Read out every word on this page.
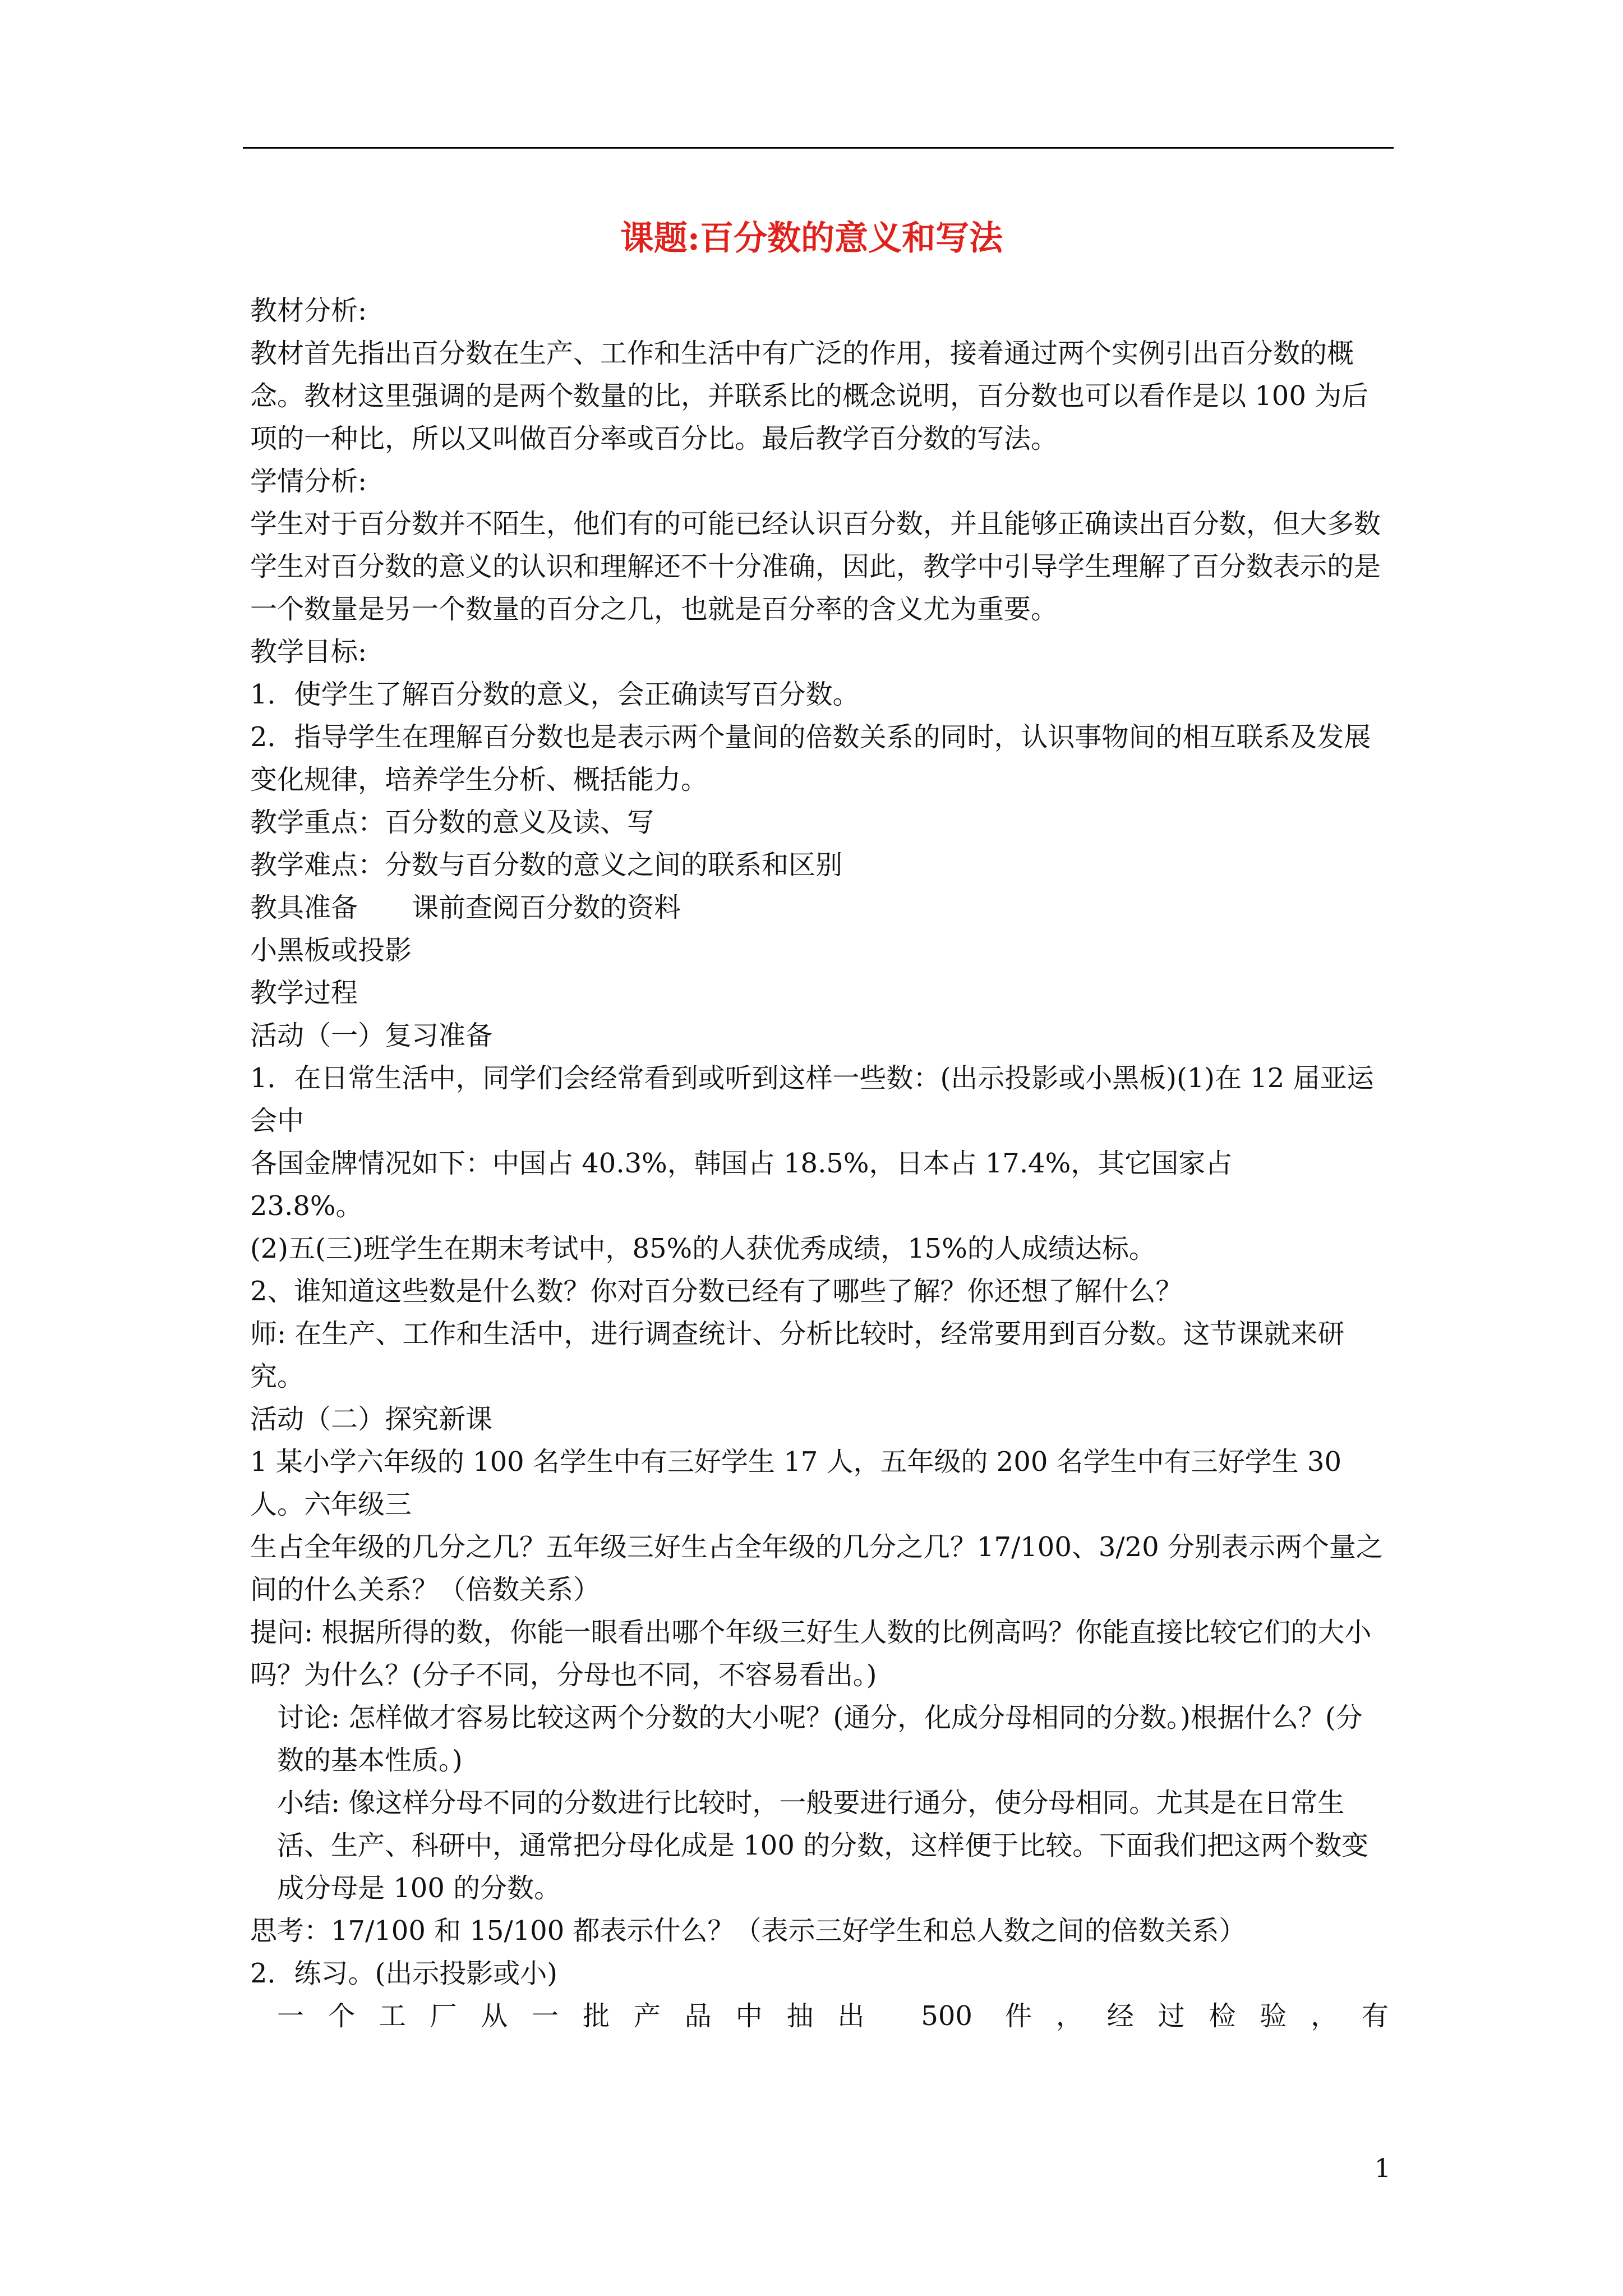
课题:百分数的意义和写法

教材分析:

教材首先指出百分数在生产、工作和生活中有广泛的作用，接着通过两个实例引出百分数的概念。教材这里强调的是两个数量的比，并联系比的概念说明，百分数也可以看作是以 100 为后项的一种比，所以又叫做百分率或百分比。最后教学百分数的写法。

学情分析:

学生对于百分数并不陌生，他们有的可能已经认识百分数，并且能够正确读出百分数，但大多数学生对百分数的意义的认识和理解还不十分准确，因此，教学中引导学生理解了百分数表示的是一个数量是另一个数量的百分之几，也就是百分率的含义尤为重要。

教学目标:

1．使学生了解百分数的意义，会正确读写百分数。

2．指导学生在理解百分数也是表示两个量间的倍数关系的同时，认识事物间的相互联系及发展变化规律，培养学生分析、概括能力。

教学重点：百分数的意义及读、写

教学难点：分数与百分数的意义之间的联系和区别

教具准备　　课前查阅百分数的资料

小黑板或投影

教学过程

活动（一）复习准备

1．在日常生活中，同学们会经常看到或听到这样一些数：(出示投影或小黑板)(1)在 12 届亚运会中

各国金牌情况如下：中国占 40.3%，韩国占 18.5%，日本占 17.4%，其它国家占

23.8%。

(2)五(三)班学生在期末考试中，85%的人获优秀成绩，15%的人成绩达标。

2、谁知道这些数是什么数？你对百分数已经有了哪些了解？你还想了解什么？

师: 在生产、工作和生活中，进行调查统计、分析比较时，经常要用到百分数。这节课就来研究。

活动（二）探究新课

1 某小学六年级的 100 名学生中有三好学生 17 人，五年级的 200 名学生中有三好学生 30 人。六年级三

生占全年级的几分之几？五年级三好生占全年级的几分之几？17/100、3/20 分别表示两个量之间的什么关系？（倍数关系）

提问: 根据所得的数，你能一眼看出哪个年级三好生人数的比例高吗？你能直接比较它们的大小吗？为什么？(分子不同，分母也不同，不容易看出。)

讨论: 怎样做才容易比较这两个分数的大小呢？(通分，化成分母相同的分数。)根据什么？(分数的基本性质。)

小结: 像这样分母不同的分数进行比较时，一般要进行通分，使分母相同。尤其是在日常生活、生产、科研中，通常把分母化成是 100 的分数，这样便于比较。下面我们把这两个数变成分母是 100 的分数。

思考：17/100 和 15/100 都表示什么？（表示三好学生和总人数之间的倍数关系）

2．练习。(出示投影或小)

一个工厂从一批产品中抽出 500 件，经过检验，有

1
